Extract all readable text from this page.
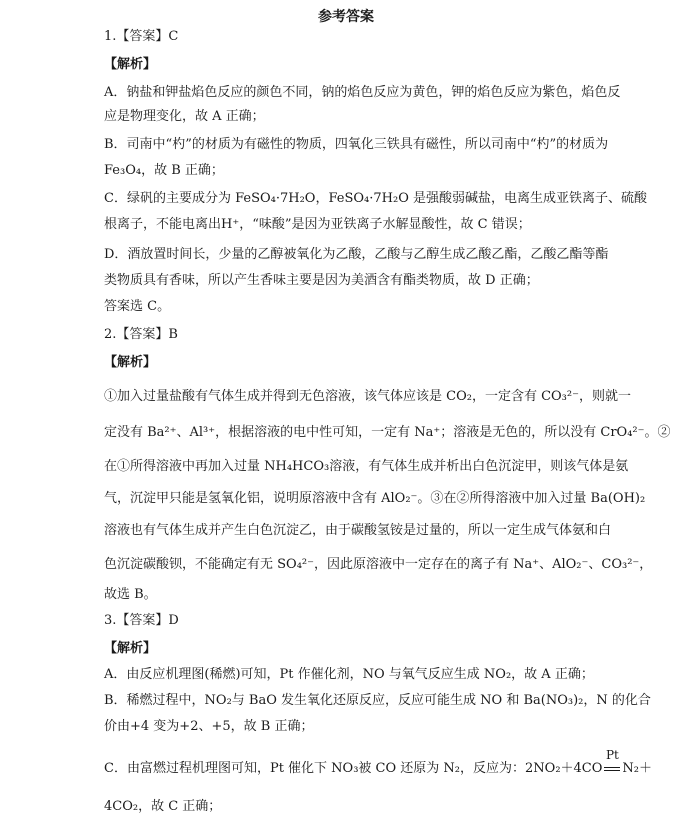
参考答案
1.【答案】C
【解析】
A．钠盐和钾盐焰色反应的颜色不同，钠的焰色反应为黄色，钾的焰色反应为紫色，焰色反
应是物理变化，故 A 正确；
B．司南中“杓”的材质为有磁性的物质，四氧化三铁具有磁性，所以司南中“杓”的材质为
Fe₃O₄，故 B 正确；
C．绿矾的主要成分为 FeSO₄·7H₂O，FeSO₄·7H₂O 是强酸弱碱盐，电离生成亚铁离子、硫酸
根离子，不能电离出H⁺，“味酸”是因为亚铁离子水解显酸性，故 C 错误；
D．酒放置时间长，少量的乙醇被氧化为乙酸，乙酸与乙醇生成乙酸乙酯，乙酸乙酯等酯
类物质具有香味，所以产生香味主要是因为美酒含有酯类物质，故 D 正确；
答案选 C。
2.【答案】B
【解析】
①加入过量盐酸有气体生成并得到无色溶液，该气体应该是 CO₂，一定含有 CO₃²⁻，则就一
定没有 Ba²⁺、Al³⁺，根据溶液的电中性可知，一定有 Na⁺；溶液是无色的，所以没有 CrO₄²⁻。②
在①所得溶液中再加入过量 NH₄HCO₃溶液，有气体生成并析出白色沉淀甲，则该气体是氨
气，沉淀甲只能是氢氧化铝，说明原溶液中含有 AlO₂⁻。③在②所得溶液中加入过量 Ba(OH)₂
溶液也有气体生成并产生白色沉淀乙，由于碳酸氢铵是过量的，所以一定生成气体氨和白
色沉淀碳酸钡，不能确定有无 SO₄²⁻，因此原溶液中一定存在的离子有 Na⁺、AlO₂⁻、CO₃²⁻，
故选 B。
3.【答案】D
【解析】
A．由反应机理图(稀燃)可知，Pt 作催化剂，NO 与氧气反应生成 NO₂，故 A 正确；
B．稀燃过程中，NO₂与 BaO 发生氧化还原反应，反应可能生成 NO 和 Ba(NO₃)₂，N 的化合
价由+4 变为+2、+5，故 B 正确；
C．由富燃过程机理图可知，Pt 催化下 NO₃被 CO 还原为 N₂，反应为：2NO₂＋4CO
Pt
N₂＋
4CO₂，故 C 正确；
